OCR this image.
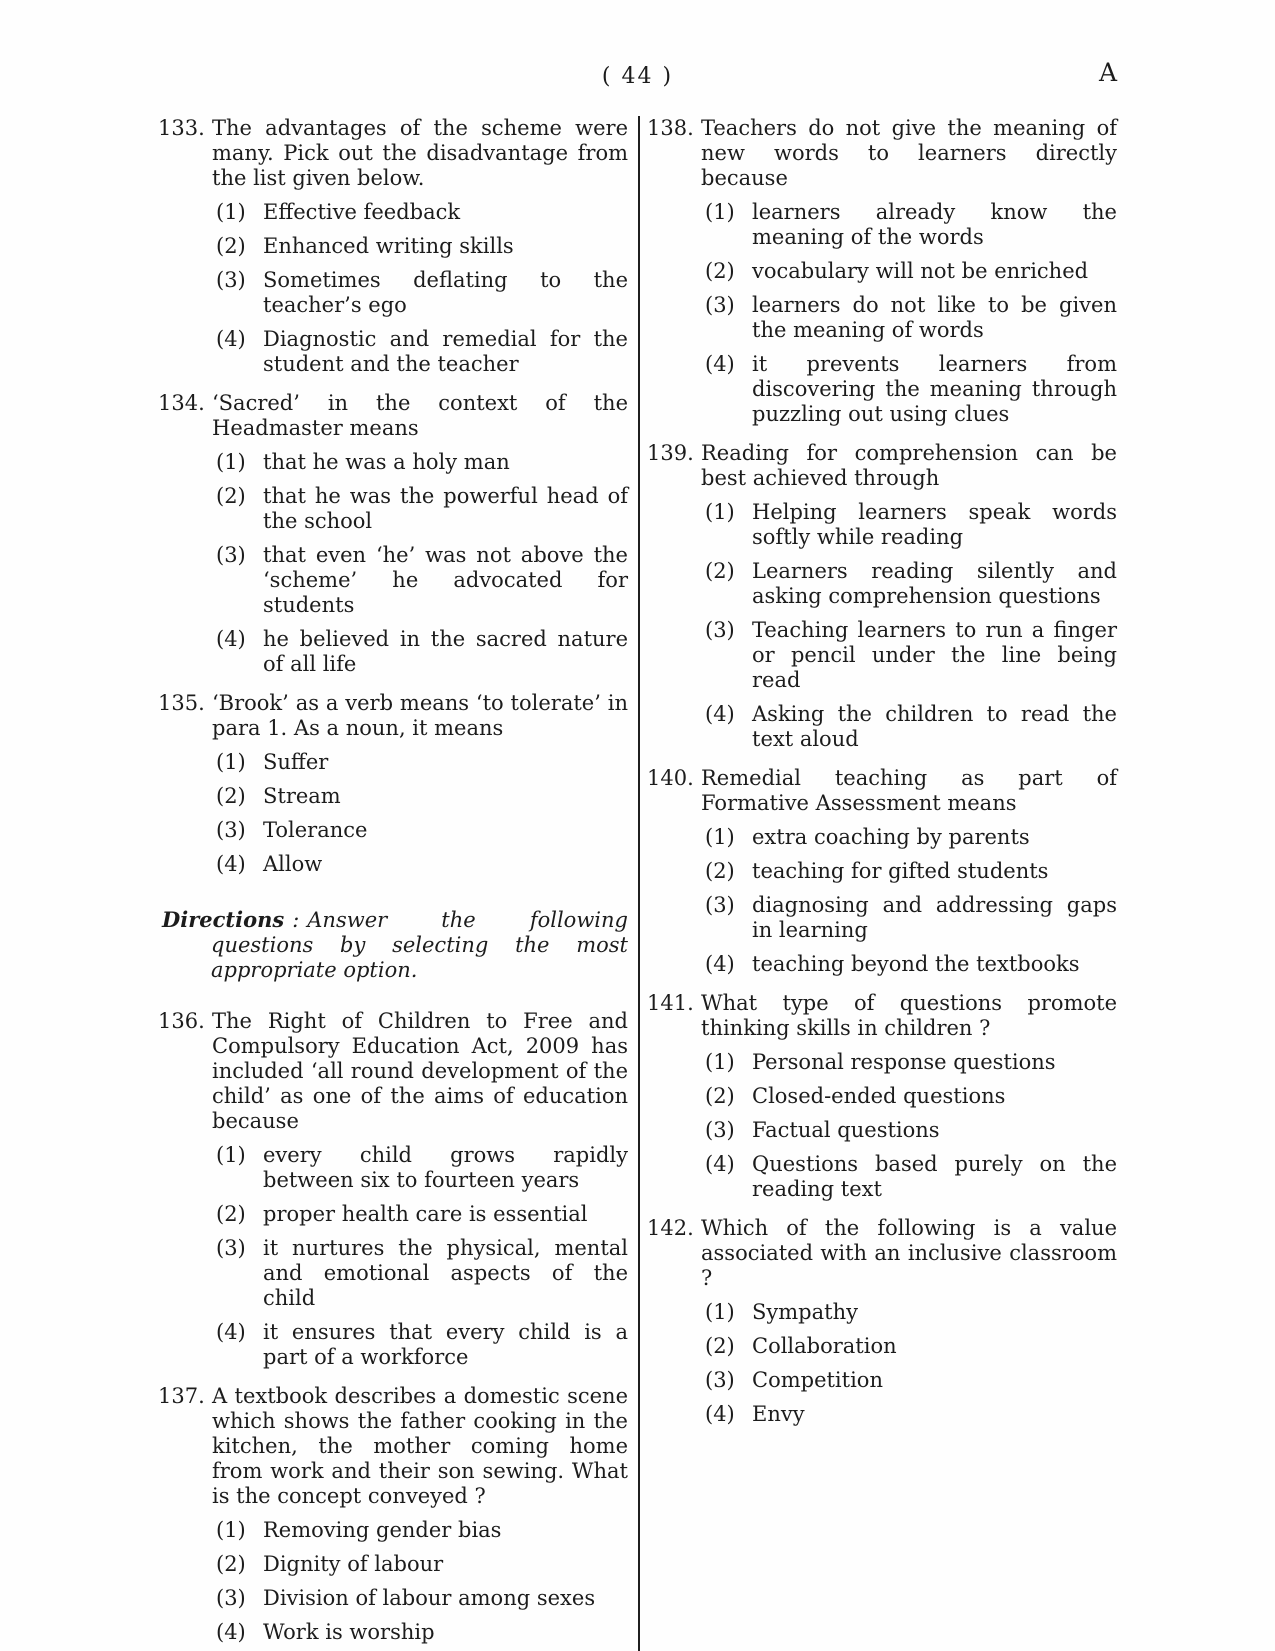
( 44 )	A
133. The advantages of the scheme were many. Pick out the disadvantage from the list given below.
(1) Effective feedback
(2) Enhanced writing skills
(3) Sometimes deflating to the teacher’s ego
(4) Diagnostic and remedial for the student and the teacher
134. ‘Sacred’ in the context of the Headmaster means
(1) that he was a holy man
(2) that he was the powerful head of the school
(3) that even ‘he’ was not above the ‘scheme’ he advocated for students
(4) he believed in the sacred nature of all life
135. ‘Brook’ as a verb means ‘to tolerate’ in para 1. As a noun, it means
(1) Suffer
(2) Stream
(3) Tolerance
(4) Allow

Directions : Answer the following questions by selecting the most appropriate option.

136. The Right of Children to Free and Compulsory Education Act, 2009 has included ‘all round development of the child’ as one of the aims of education because
(1) every child grows rapidly between six to fourteen years
(2) proper health care is essential
(3) it nurtures the physical, mental and emotional aspects of the child
(4) it ensures that every child is a part of a workforce
137. A textbook describes a domestic scene which shows the father cooking in the kitchen, the mother coming home from work and their son sewing. What is the concept conveyed ?
(1) Removing gender bias
(2) Dignity of labour
(3) Division of labour among sexes
(4) Work is worship
138. Teachers do not give the meaning of new words to learners directly because
(1) learners already know the meaning of the words
(2) vocabulary will not be enriched
(3) learners do not like to be given the meaning of words
(4) it prevents learners from discovering the meaning through puzzling out using clues
139. Reading for comprehension can be best achieved through
(1) Helping learners speak words softly while reading
(2) Learners reading silently and asking comprehension questions
(3) Teaching learners to run a finger or pencil under the line being read
(4) Asking the children to read the text aloud
140. Remedial teaching as part of Formative Assessment means
(1) extra coaching by parents
(2) teaching for gifted students
(3) diagnosing and addressing gaps in learning
(4) teaching beyond the textbooks
141. What type of questions promote thinking skills in children ?
(1) Personal response questions
(2) Closed-ended questions
(3) Factual questions
(4) Questions based purely on the reading text
142. Which of the following is a value associated with an inclusive classroom ?
(1) Sympathy
(2) Collaboration
(3) Competition
(4) Envy
